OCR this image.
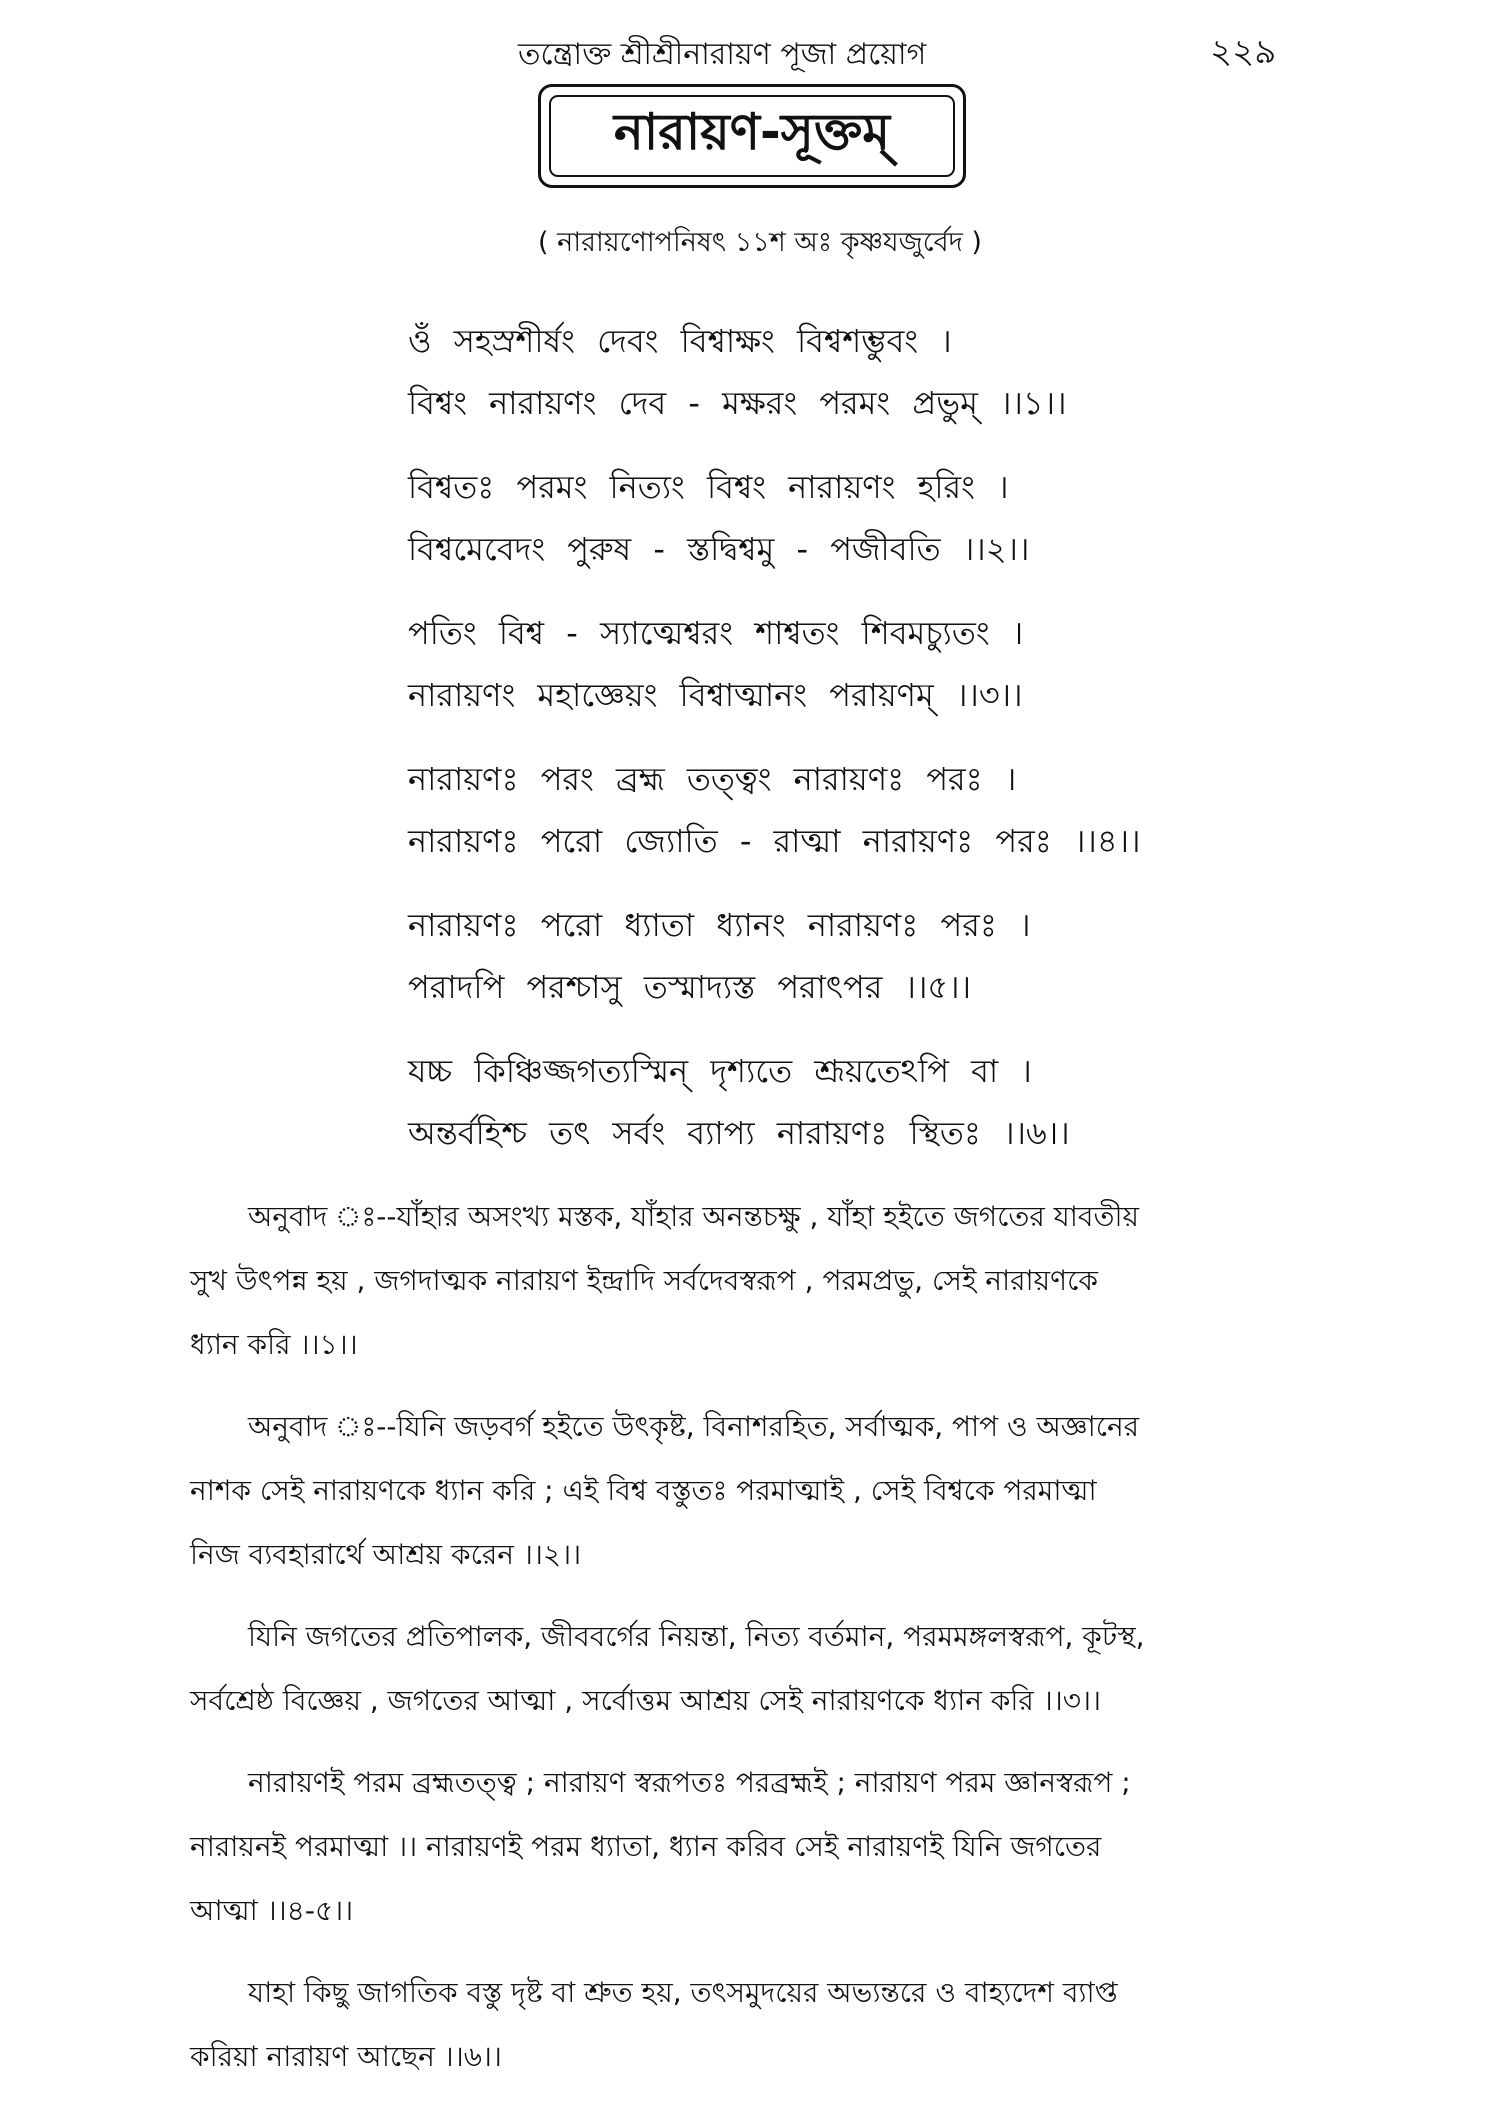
তন্ত্রোক্ত শ্রীশ্রীনারায়ণ পূজা প্রয়োগ	২২৯
নারায়ণ-সূক্তম্
( নারায়ণোপনিষৎ ১১শ অঃ কৃষ্ণযজুর্বেদ )
ওঁ সহস্রশীর্ষং দেবং বিশ্বাক্ষং বিশ্বশম্ভুবং ।
বিশ্বং নারায়ণং দেব - মক্ষরং পরমং প্রভুম্ ।।১।।
বিশ্বতঃ পরমং নিত্যং বিশ্বং নারায়ণং হরিং ।
বিশ্বমেবেদং পুরুষ - স্তদ্বিশ্বমু - পজীবতি ।।২।।
পতিং বিশ্ব - স্যাত্মেশ্বরং শাশ্বতং শিবমচ্যুতং ।
নারায়ণং মহাজ্ঞেয়ং বিশ্বাত্মানং পরায়ণম্ ।।৩।।
নারায়ণঃ পরং ব্রহ্ম তত্ত্বং নারায়ণঃ পরঃ ।
নারায়ণঃ পরো জ্যোতি - রাত্মা নারায়ণঃ পরঃ ।।৪।।
নারায়ণঃ পরো ধ্যাতা ধ্যানং নারায়ণঃ পরঃ ।
পরাদপি পরশ্চাসু তস্মাদ্যস্ত পরাৎপর ।।৫।।
যচ্চ কিঞ্চিজ্জগত্যস্মিন্ দৃশ্যতে শ্রূয়তেঽপি বা ।
অন্তর্বহিশ্চ তৎ সর্বং ব্যাপ্য নারায়ণঃ স্থিতঃ ।।৬।।
অনুবাদ ঃ--যাঁহার অসংখ্য মস্তক, যাঁহার অনন্তচক্ষু , যাঁহা হইতে জগতের যাবতীয়
সুখ উৎপন্ন হয় , জগদাত্মক নারায়ণ ইন্দ্রাদি সর্বদেবস্বরূপ , পরমপ্রভু, সেই নারায়ণকে
ধ্যান করি ।।১।।
অনুবাদ ঃ--যিনি জড়বর্গ হইতে উৎকৃষ্ট, বিনাশরহিত, সর্বাত্মক, পাপ ও অজ্ঞানের
নাশক সেই নারায়ণকে ধ্যান করি ; এই বিশ্ব বস্তুতঃ পরমাত্মাই , সেই বিশ্বকে পরমাত্মা
নিজ ব্যবহারার্থে আশ্রয় করেন ।।২।।
যিনি জগতের প্রতিপালক, জীববর্গের নিয়ন্তা, নিত্য বর্তমান, পরমমঙ্গলস্বরূপ, কূটস্থ,
সর্বশ্রেষ্ঠ বিজ্ঞেয় , জগতের আত্মা , সর্বোত্তম আশ্রয় সেই নারায়ণকে ধ্যান করি ।।৩।।
নারায়ণই পরম ব্রহ্মতত্ত্ব ; নারায়ণ স্বরূপতঃ পরব্রহ্মই ; নারায়ণ পরম জ্ঞানস্বরূপ ;
নারায়নই পরমাত্মা ।। নারায়ণই পরম ধ্যাতা, ধ্যান করিব সেই নারায়ণই যিনি জগতের
আত্মা ।।৪-৫।।
যাহা কিছু জাগতিক বস্তু দৃষ্ট বা শ্রুত হয়, তৎসমুদয়ের অভ্যন্তরে ও বাহ্যদেশ ব্যাপ্ত
করিয়া নারায়ণ আছেন ।।৬।।
